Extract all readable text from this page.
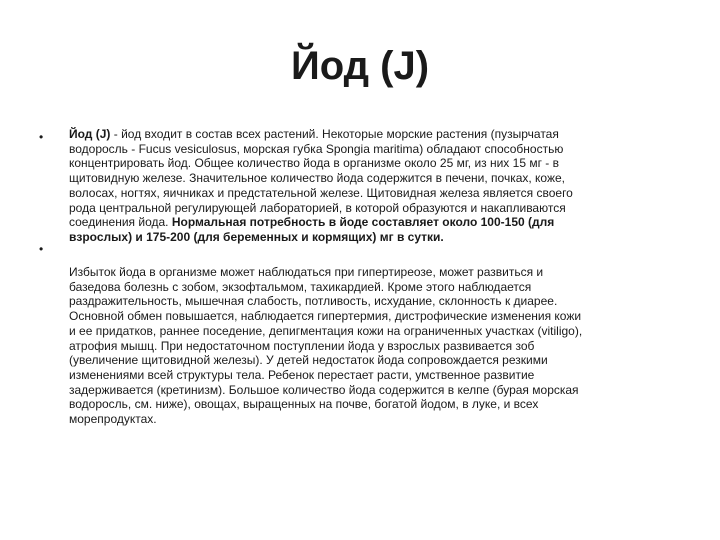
Йод (J)
•
•
Йод (J) - йод входит в состав всех растений. Некоторые морские растения (пузырчатая
водоросль - Fucus vesiculosus, морская губка Spongia maritima) обладают способностью
концентрировать йод. Общее количество йода в организме около 25 мг, из них 15 мг - в
щитовидную железе. Значительное количество йода содержится в печени, почках, коже,
волосах, ногтях, яичниках и предстательной железе. Щитовидная железа является своего
рода центральной регулирующей лабораторией, в которой образуются и накапливаются
соединения йода. Нормальная потребность в йоде составляет около 100-150 (для
взрослых) и 175-200 (для беременных и кормящих) мг в сутки.
Избыток йода в организме может наблюдаться при гипертиреозе, может развиться и
базедова болезнь с зобом, экзофтальмом, тахикардией. Кроме этого наблюдается
раздражительность, мышечная слабость, потливость, исхудание, склонность к диарее.
Основной обмен повышается, наблюдается гипертермия, дистрофические изменения кожи
и ее придатков, раннее поседение, депигментация кожи на ограниченных участках (vitiligo),
атрофия мышц. При недостаточном поступлении йода у взрослых развивается зоб
(увеличение щитовидной железы). У детей недостаток йода сопровождается резкими
изменениями всей структуры тела. Ребенок перестает расти, умственное развитие
задерживается (кретинизм). Большое количество йода содержится в келпе (бурая морская
водоросль, см. ниже), овощах, выращенных на почве, богатой йодом, в луке, и всех
морепродуктах.
